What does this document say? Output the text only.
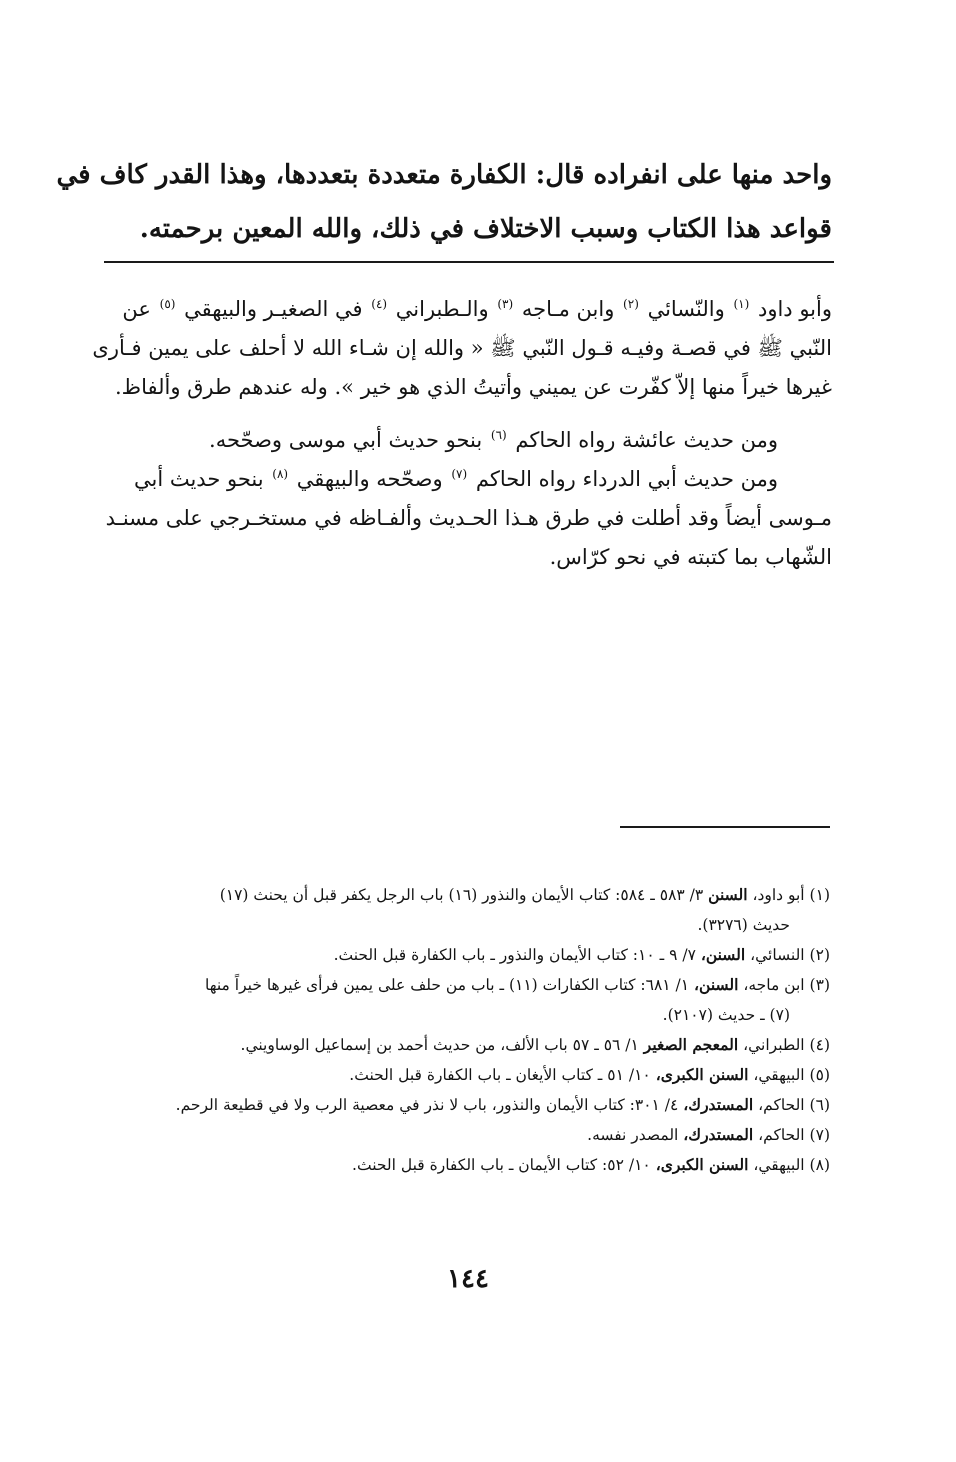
واحد منها على انفراده قال: الكفارة متعددة بتعددها، وهذا القدر كاف في
قواعد هذا الكتاب وسبب الاختلاف في ذلك، والله المعين برحمته.

وأبو داود $^{(١)}$ والنّسائي $^{(٢)}$ وابن مـاجه $^{(٣)}$ والـطبراني $^{(٤)}$ في الصغيـر والبيهقي $^{(٥)}$ عن
النّبي ﷺ في قصـة وفيـه قـول النّبي ﷺ « والله إن شـاء الله لا أحلف على يمين فـأرى
غيرها خيراً منها إلاّ كفّرت عن يميني وأتيتُ الذي هو خير ». وله عندهم طرق وألفاظ.

ومن حديث عائشة رواه الحاكم $^{(٦)}$ بنحو حديث أبي موسى وصحّحه.

ومن حديث أبي الدرداء رواه الحاكم $^{(٧)}$ وصحّحه والبيهقي $^{(٨)}$ بنحو حديث أبي
مـوسى أيضاً وقد أطلت في طرق هـذا الحـديث وألفـاظه في مستخـرجي على مسنـد
الشّهاب بما كتبته في نحو كرّاس.

(١) أبو داود، السنن ٣/ ٥٨٣ ـ ٥٨٤: كتاب الأيمان والنذور (١٦) باب الرجل يكفر قبل أن يحنث (١٧)
حديث (٣٢٧٦).

(٢) النسائي، السنن، ٧/ ٩ ـ ١٠: كتاب الأيمان والنذور ـ باب الكفارة قبل الحنث.

(٣) ابن ماجه، السنن، ١/ ٦٨١: كتاب الكفارات (١١) ـ باب من حلف على يمين فرأى غيرها خيراً منها
(٧) ـ حديث (٢١٠٧).

(٤) الطبراني، المعجم الصغير ١/ ٥٦ ـ ٥٧ باب الألف، من حديث أحمد بن إسماعيل الوساويني.

(٥) البيهقي، السنن الكبرى، ١٠/ ٥١ ـ كتاب الأيغان ـ باب الكفارة قبل الحنث.

(٦) الحاكم، المستدرك، ٤/ ٣٠١: كتاب الأيمان والنذور، باب لا نذر في معصية الرب ولا في قطيعة الرحم.

(٧) الحاكم، المستدرك، المصدر نفسه.

(٨) البيهقي، السنن الكبرى، ١٠/ ٥٢: كتاب الأيمان ـ باب الكفارة قبل الحنث.

١٤٤
